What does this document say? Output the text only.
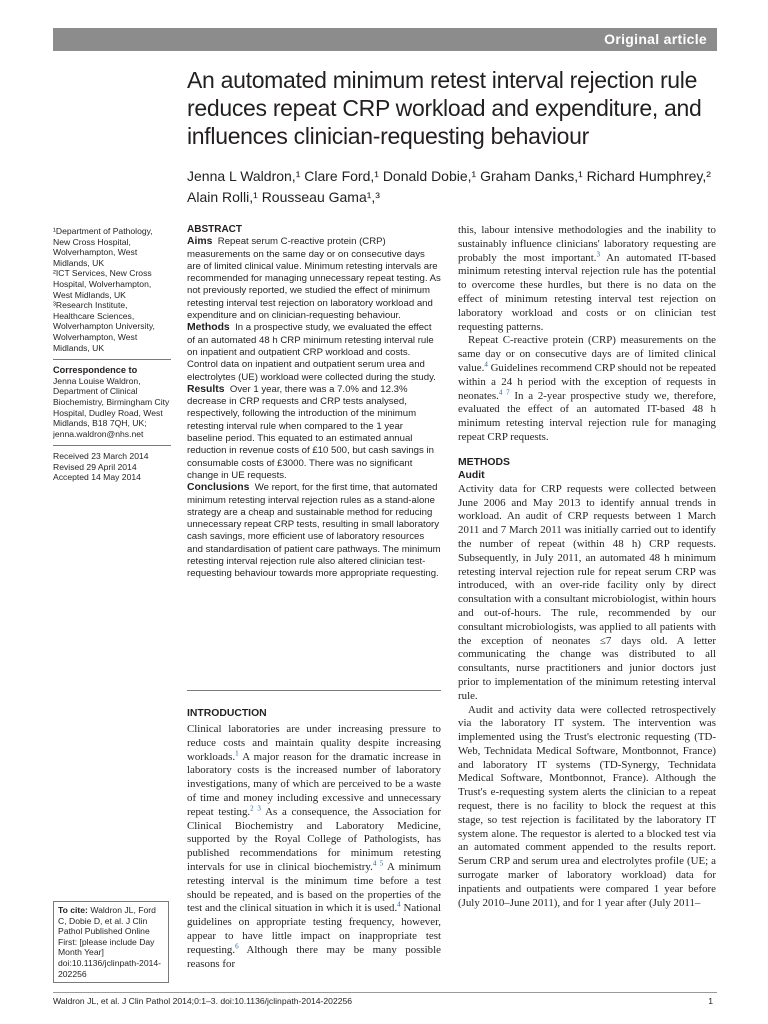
Original article
An automated minimum retest interval rejection rule reduces repeat CRP workload and expenditure, and influences clinician-requesting behaviour
Jenna L Waldron,¹ Clare Ford,¹ Donald Dobie,¹ Graham Danks,¹ Richard Humphrey,²
Alain Rolli,¹ Rousseau Gama¹,³
¹Department of Pathology, New Cross Hospital, Wolverhampton, West Midlands, UK
²ICT Services, New Cross Hospital, Wolverhampton, West Midlands, UK
³Research Institute, Healthcare Sciences, Wolverhampton University, Wolverhampton, West Midlands, UK
Correspondence to
Jenna Louise Waldron, Department of Clinical Biochemistry, Birmingham City Hospital, Dudley Road, West Midlands, B18 7QH, UK;
jenna.waldron@nhs.net
Received 23 March 2014
Revised 29 April 2014
Accepted 14 May 2014
ABSTRACT

Aims Repeat serum C-reactive protein (CRP) measurements on the same day or on consecutive days are of limited clinical value. Minimum retesting intervals are recommended for managing unnecessary repeat testing. As not previously reported, we studied the effect of minimum retesting interval test rejection on laboratory workload and expenditure and on clinician-requesting behaviour.

Methods In a prospective study, we evaluated the effect of an automated 48 h CRP minimum retesting interval rule on inpatient and outpatient CRP workload and costs. Control data on inpatient and outpatient serum urea and electrolytes (UE) workload were collected during the study.

Results Over 1 year, there was a 7.0% and 12.3% decrease in CRP requests and CRP tests analysed, respectively, following the introduction of the minimum retesting interval rule when compared to the 1 year baseline period. This equated to an estimated annual reduction in revenue costs of £10 500, but cash savings in consumable costs of £3000. There was no significant change in UE requests.

Conclusions We report, for the first time, that automated minimum retesting interval rejection rules as a stand-alone strategy are a cheap and sustainable method for reducing unnecessary repeat CRP tests, resulting in small laboratory cash savings, more efficient use of laboratory resources and standardisation of patient care pathways. The minimum retesting interval rejection rule also altered clinician test-requesting behaviour towards more appropriate requesting.

INTRODUCTION

Clinical laboratories are under increasing pressure to reduce costs and maintain quality despite increasing workloads.$^1$ A major reason for the dramatic increase in laboratory costs is the increased number of laboratory investigations, many of which are perceived to be a waste of time and money including excessive and unnecessary repeat testing.$^{2 3}$ As a consequence, the Association for Clinical Biochemistry and Laboratory Medicine, supported by the Royal College of Pathologists, has published recommendations for minimum retesting intervals for use in clinical biochemistry.$^{4 5}$ A minimum retesting interval is the minimum time before a test should be repeated, and is based on the properties of the test and the clinical situation in which it is used.$^4$ National guidelines on appropriate testing frequency, however, appear to have little impact on inappropriate test requesting.$^6$ Although there may be many possible reasons for

this, labour intensive methodologies and the inability to sustainably influence clinicians' laboratory requesting are probably the most important.$^3$ An automated IT-based minimum retesting interval rejection rule has the potential to overcome these hurdles, but there is no data on the effect of minimum retesting interval test rejection on laboratory workload and costs or on clinician test requesting patterns.

Repeat C-reactive protein (CRP) measurements on the same day or on consecutive days are of limited clinical value.$^4$ Guidelines recommend CRP should not be repeated within a 24 h period with the exception of requests in neonates.$^{4 7}$ In a 2-year prospective study we, therefore, evaluated the effect of an automated IT-based 48 h minimum retesting interval rejection rule for managing repeat CRP requests.

METHODS
Audit

Activity data for CRP requests were collected between June 2006 and May 2013 to identify annual trends in workload. An audit of CRP requests between 1 March 2011 and 7 March 2011 was initially carried out to identify the number of repeat (within 48 h) CRP requests. Subsequently, in July 2011, an automated 48 h minimum retesting interval rejection rule for repeat serum CRP was introduced, with an over-ride facility only by direct consultation with a consultant microbiologist, within hours and out-of-hours. The rule, recommended by our consultant microbiologists, was applied to all patients with the exception of neonates ≤7 days old. A letter communicating the change was distributed to all consultants, nurse practitioners and junior doctors just prior to implementation of the minimum retesting interval rule.

Audit and activity data were collected retrospectively via the laboratory IT system. The intervention was implemented using the Trust's electronic requesting (TD-Web, Technidata Medical Software, Montbonnot, France) and laboratory IT systems (TD-Synergy, Technidata Medical Software, Montbonnot, France). Although the Trust's e-requesting system alerts the clinician to a repeat request, there is no facility to block the request at this stage, so test rejection is facilitated by the laboratory IT system alone. The requestor is alerted to a blocked test via an automated comment appended to the results report. Serum CRP and serum urea and electrolytes profile (UE; a surrogate marker of laboratory workload) data for inpatients and outpatients were compared 1 year before (July 2010–June 2011), and for 1 year after (July 2011–

To cite: Waldron JL, Ford C, Dobie D, et al. J Clin Pathol Published Online First: [please include Day Month Year] doi:10.1136/jclinpath-2014-202256
Waldron JL, et al. J Clin Pathol 2014;0:1–3. doi:10.1136/jclinpath-2014-202256	1
